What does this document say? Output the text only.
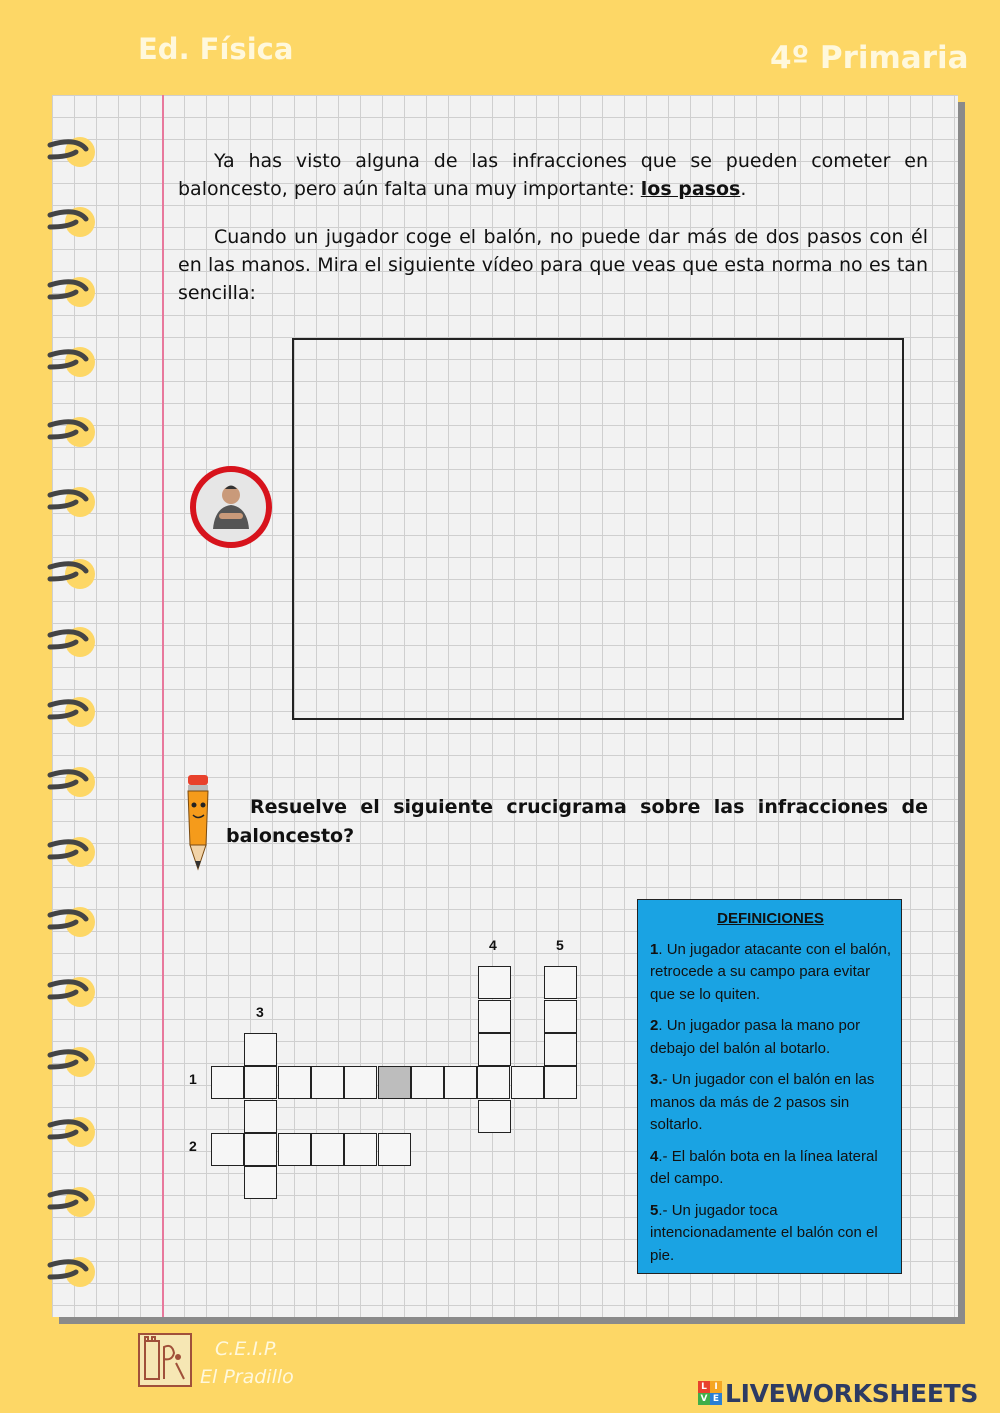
Ed. Física	4º Primaria

Ya has visto alguna de las infracciones que se pueden cometer en baloncesto, pero aún falta una muy importante: los pasos.

Cuando un jugador coge el balón, no puede dar más de dos pasos con él en las manos. Mira el siguiente vídeo para que veas que esta norma no es tan sencilla:

Resuelve el siguiente crucigrama sobre las infracciones de baloncesto?

1
2
3
4	5
DEFINICIONES
1. Un jugador atacante con el balón, retrocede a su campo para evitar que se lo quiten.
2. Un jugador pasa la mano por debajo del balón al botarlo.
3.- Un jugador con el balón en las manos da más de 2 pasos sin soltarlo.
4.- El balón bota en la línea lateral del campo.
5.- Un jugador toca intencionadamente el balón con el pie.
C.E.I.P.
El Pradillo	L I
V E LIVEWORKSHEETS
